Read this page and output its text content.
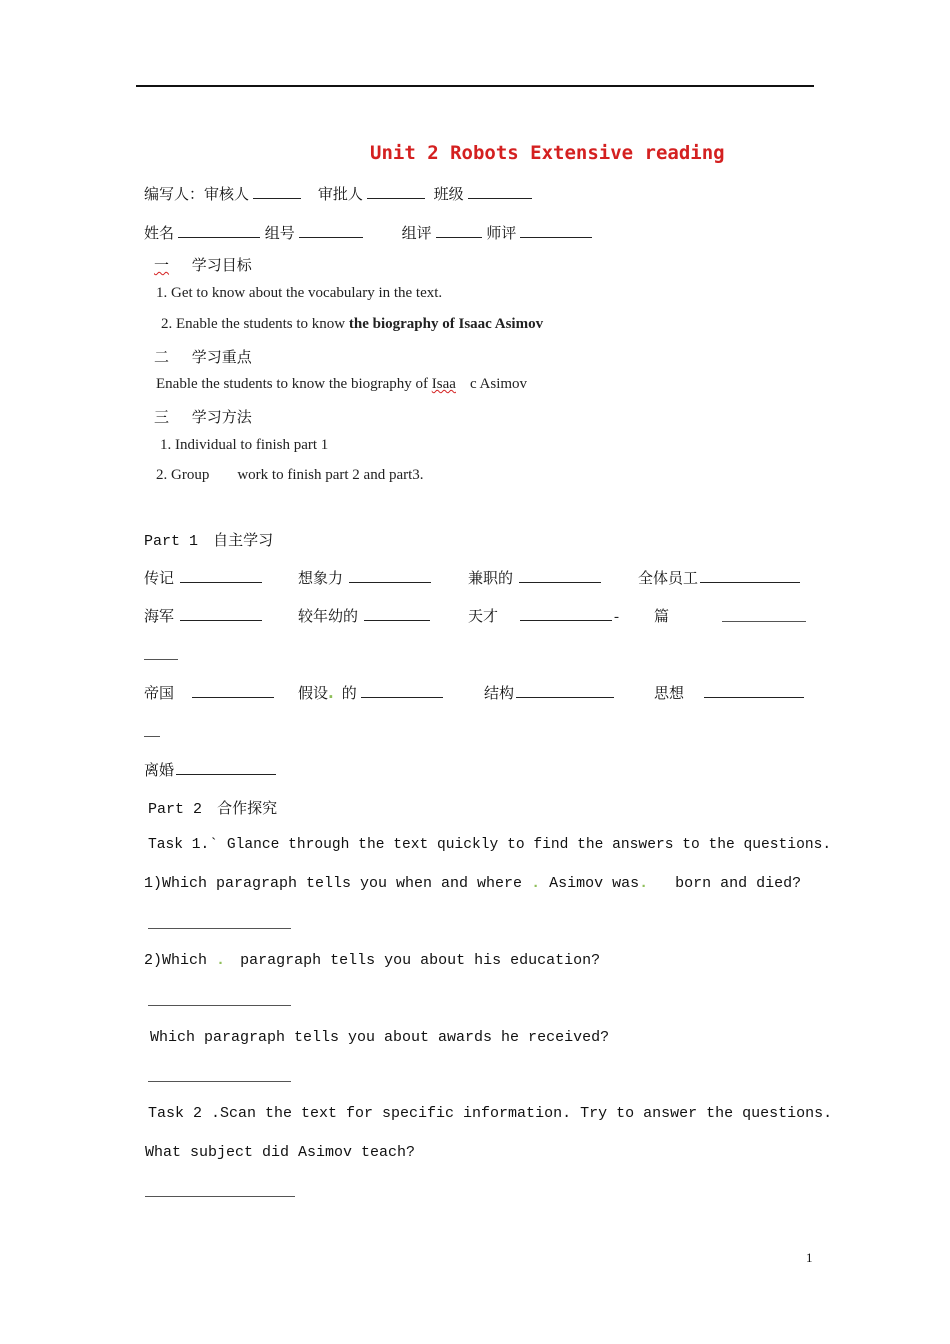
Unit 2 Robots Extensive reading
编写人：审核人	审批人	班级
姓名	组号	组评	师评
一 学习目标
1. Get to know about the vocabulary in the text.
2. Enable the students to know the biography of Isaac Asimov
二 学习重点
Enable the students to know the biography of Isaa c Asimov
三 学习方法
1. Individual to finish part 1
2. Group work to finish part 2 and part3.
Part 1 自主学习
传记	想象力	兼职的	全体员工
海军	较年幼的	天才	- 篇
帝国	假设. 的	结构	思想
离婚
Part 2 合作探究
Task 1.` Glance through the text quickly to find the answers to the questions.
1)Which paragraph tells you when and where . Asimov was. born and died?
2)Which . paragraph tells you about his education?
Which paragraph tells you about awards he received?
Task 2 .Scan the text for specific information. Try to answer the questions.
What subject did Asimov teach?
1
